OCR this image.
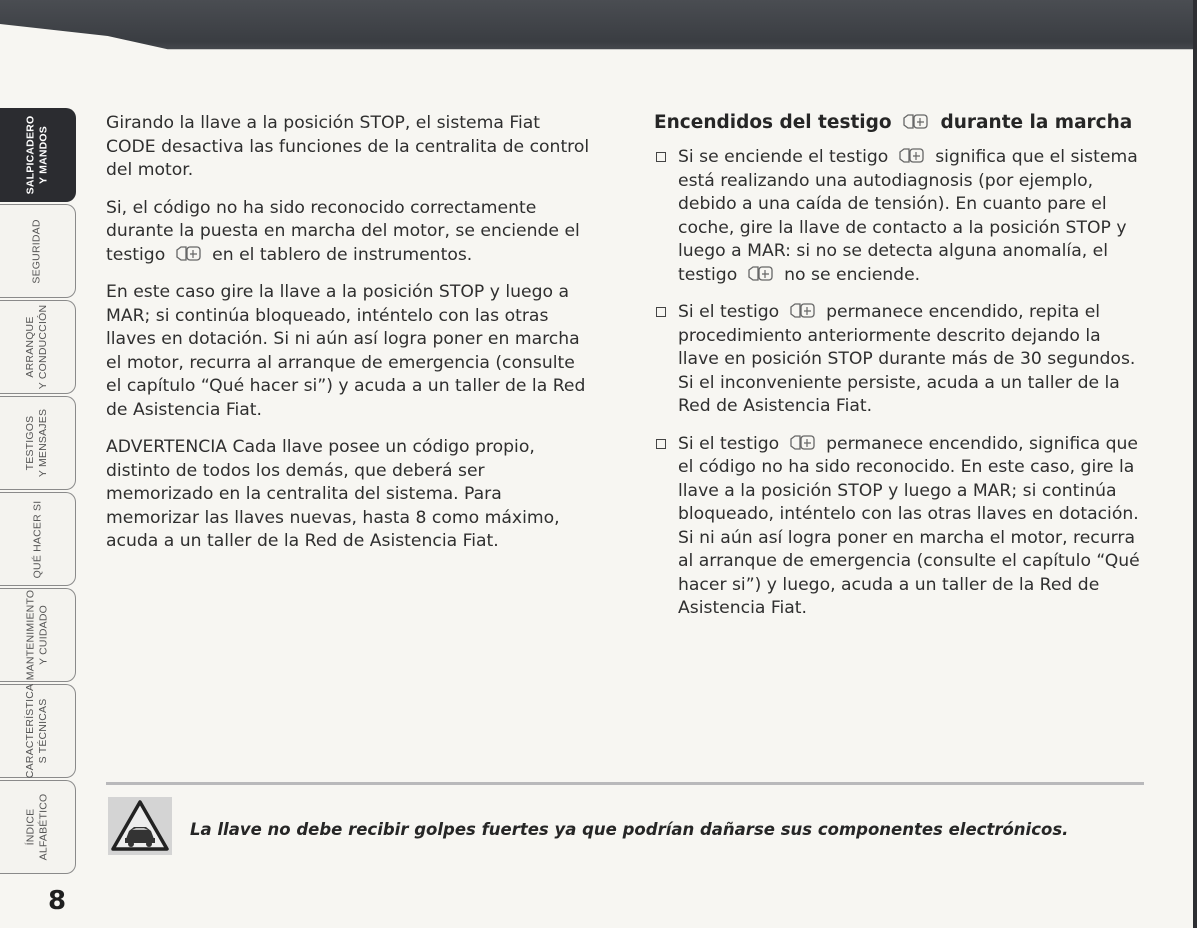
SALPICADERO Y MANDOS
SEGURIDAD
ARRANQUE Y CONDUCCIÓN
TESTIGOS Y MENSAJES
QUÉ HACER SI
MANTENIMIENTO Y CUIDADO
CARACTERÍSTICA S TÉCNICAS
ÍNDICE ALFABÉTICO
8

Girando la llave a la posición STOP, el sistema Fiat CODE desactiva las funciones de la centralita de control del motor.

Si, el código no ha sido reconocido correctamente durante la puesta en marcha del motor, se enciende el testigo	en el tablero de instrumentos.

En este caso gire la llave a la posición STOP y luego a MAR; si continúa bloqueado, inténtelo con las otras llaves en dotación. Si ni aún así logra poner en marcha el motor, recurra al arranque de emergencia (consulte el capítulo “Qué hacer si”) y acuda a un taller de la Red de Asistencia Fiat.

ADVERTENCIA Cada llave posee un código propio, distinto de todos los demás, que deberá ser memorizado en la centralita del sistema. Para memorizar las llaves nuevas, hasta 8 como máximo, acuda a un taller de la Red de Asistencia Fiat.

Encendidos del testigo	durante la marcha
Si se enciende el testigo	significa que el sistema está realizando una autodiagnosis (por ejemplo, debido a una caída de tensión). En cuanto pare el coche, gire la llave de contacto a la posición STOP y luego a MAR: si no se detecta alguna anomalía, el testigo	no se enciende.
Si el testigo	permanece encendido, repita el procedimiento anteriormente descrito dejando la llave en posición STOP durante más de 30 segundos. Si el inconveniente persiste, acuda a un taller de la Red de Asistencia Fiat.
Si el testigo	permanece encendido, significa que el código no ha sido reconocido. En este caso, gire la llave a la posición STOP y luego a MAR; si continúa bloqueado, inténtelo con las otras llaves en dotación. Si ni aún así logra poner en marcha el motor, recurra al arranque de emergencia (consulte el capítulo “Qué hacer si”) y luego, acuda a un taller de la Red de Asistencia Fiat.
La llave no debe recibir golpes fuertes ya que podrían dañarse sus componentes electrónicos.
